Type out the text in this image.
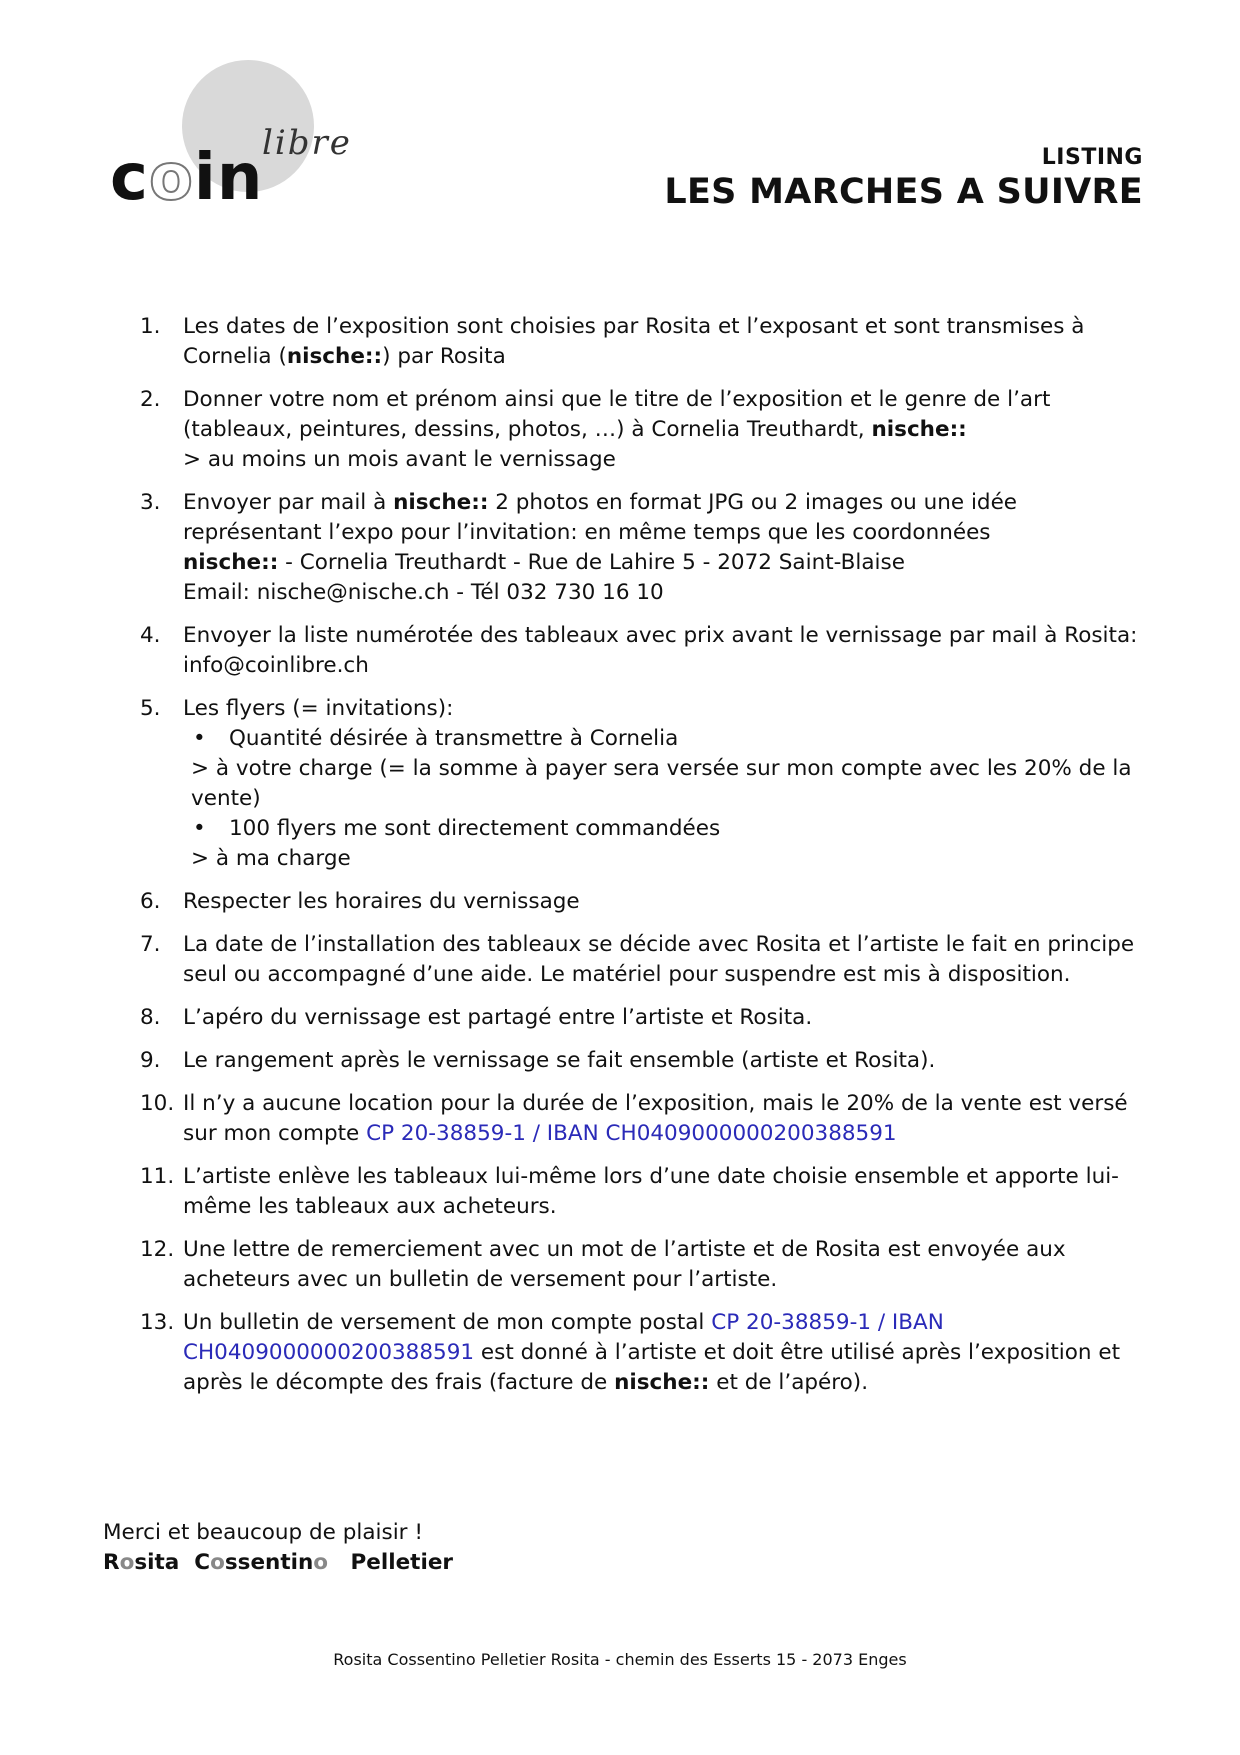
coin
libre	LISTING
LES MARCHES A SUIVRE
1. Les dates de l’exposition sont choisies par Rosita et l’exposant et sont transmises à Cornelia (nische::) par Rosita
2. Donner votre nom et prénom ainsi que le titre de l’exposition et le genre de l’art (tableaux, peintures, dessins, photos, …) à Cornelia Treuthardt, nische::
> au moins un mois avant le vernissage
3. Envoyer par mail à nische:: 2 photos en format JPG ou 2 images ou une idée représentant l’expo pour l’invitation: en même temps que les coordonnées
nische:: - Cornelia Treuthardt - Rue de Lahire 5 - 2072 Saint-Blaise
Email: nische@nische.ch - Tél 032 730 16 10
4. Envoyer la liste numérotée des tableaux avec prix avant le vernissage par mail à Rosita: info@coinlibre.ch
5. Les flyers (= invitations):
• Quantité désirée à transmettre à Cornelia
> à votre charge (= la somme à payer sera versée sur mon compte avec les 20% de la vente)
• 100 flyers me sont directement commandées
> à ma charge
6. Respecter les horaires du vernissage
7. La date de l’installation des tableaux se décide avec Rosita et l’artiste le fait en principe seul ou accompagné d’une aide. Le matériel pour suspendre est mis à disposition.
8. L’apéro du vernissage est partagé entre l’artiste et Rosita.
9. Le rangement après le vernissage se fait ensemble (artiste et Rosita).
10. Il n’y a aucune location pour la durée de l’exposition, mais le 20% de la vente est versé sur mon compte CP 20-38859-1 / IBAN CH0409000000200388591
11. L’artiste enlève les tableaux lui-même lors d’une date choisie ensemble et apporte lui-même les tableaux aux acheteurs.
12. Une lettre de remerciement avec un mot de l’artiste et de Rosita est envoyée aux acheteurs avec un bulletin de versement pour l’artiste.
13. Un bulletin de versement de mon compte postal CP 20-38859-1 / IBAN CH0409000000200388591 est donné à l’artiste et doit être utilisé après l’exposition et après le décompte des frais (facture de nische:: et de l’apéro).
Merci et beaucoup de plaisir !
Rosita  Cossentino   Pelletier
Rosita Cossentino Pelletier Rosita - chemin des Esserts 15 - 2073 Enges
